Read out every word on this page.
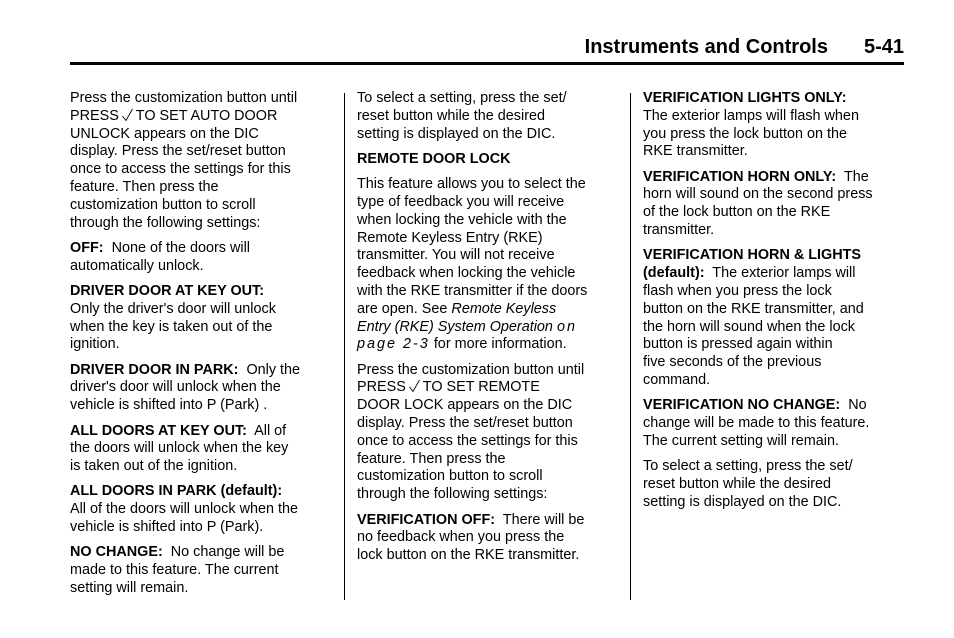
Instruments and Controls 5-41
Press the customization button until
PRESS TO SET AUTO DOOR
UNLOCK appears on the DIC
display. Press the set/reset button
once to access the settings for this
feature. Then press the
customization button to scroll
through the following settings:
OFF: None of the doors will
automatically unlock.
DRIVER DOOR AT KEY OUT:
Only the driver's door will unlock
when the key is taken out of the
ignition.
DRIVER DOOR IN PARK: Only the
driver's door will unlock when the
vehicle is shifted into P (Park) .
ALL DOORS AT KEY OUT: All of
the doors will unlock when the key
is taken out of the ignition.
ALL DOORS IN PARK (default):
All of the doors will unlock when the
vehicle is shifted into P (Park).
NO CHANGE: No change will be
made to this feature. The current
setting will remain.
To select a setting, press the set/
reset button while the desired
setting is displayed on the DIC.
REMOTE DOOR LOCK
This feature allows you to select the
type of feedback you will receive
when locking the vehicle with the
Remote Keyless Entry (RKE)
transmitter. You will not receive
feedback when locking the vehicle
with the RKE transmitter if the doors
are open. See Remote Keyless
Entry (RKE) System Operation on
page 2-3 for more information.
Press the customization button until
PRESS TO SET REMOTE
DOOR LOCK appears on the DIC
display. Press the set/reset button
once to access the settings for this
feature. Then press the
customization button to scroll
through the following settings:
VERIFICATION OFF: There will be
no feedback when you press the
lock button on the RKE transmitter.
VERIFICATION LIGHTS ONLY:
The exterior lamps will flash when
you press the lock button on the
RKE transmitter.
VERIFICATION HORN ONLY: The
horn will sound on the second press
of the lock button on the RKE
transmitter.
VERIFICATION HORN & LIGHTS
(default): The exterior lamps will
flash when you press the lock
button on the RKE transmitter, and
the horn will sound when the lock
button is pressed again within
five seconds of the previous
command.
VERIFICATION NO CHANGE: No
change will be made to this feature.
The current setting will remain.
To select a setting, press the set/
reset button while the desired
setting is displayed on the DIC.
